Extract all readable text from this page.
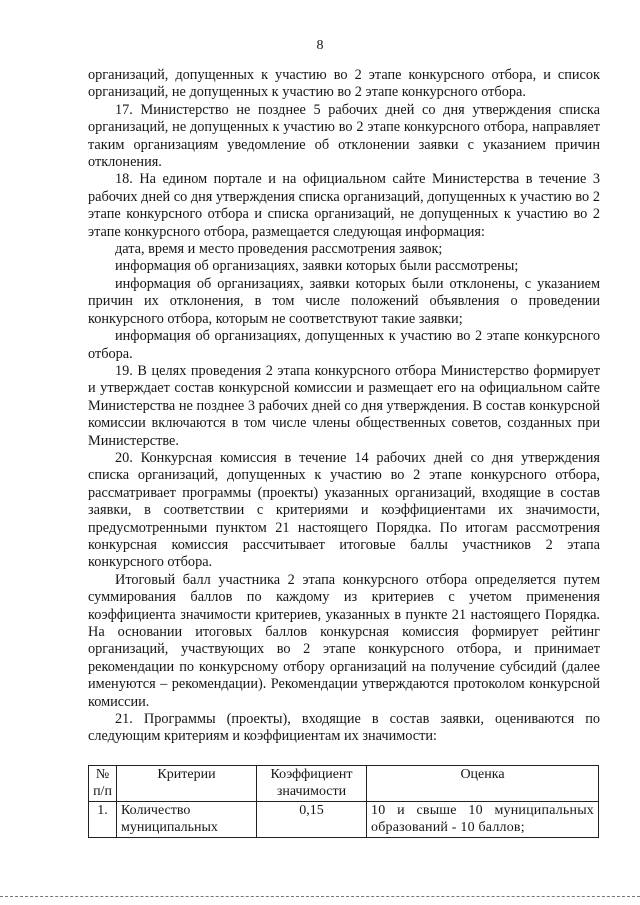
8

организаций, допущенных к участию во 2 этапе конкурсного отбора, и список организаций, не допущенных к участию во 2 этапе конкурсного отбора.

17. Министерство не позднее 5 рабочих дней со дня утверждения списка организаций, не допущенных к участию во 2 этапе конкурсного отбора, направляет таким организациям уведомление об отклонении заявки с указанием причин отклонения.

18. На едином портале и на официальном сайте Министерства в течение 3 рабочих дней со дня утверждения списка организаций, допущенных к участию во 2 этапе конкурсного отбора и списка организаций, не допущенных к участию во 2 этапе конкурсного отбора, размещается следующая информация:

дата, время и место проведения рассмотрения заявок;

информация об организациях, заявки которых были рассмотрены;

информация об организациях, заявки которых были отклонены, с указанием причин их отклонения, в том числе положений объявления о проведении конкурсного отбора, которым не соответствуют такие заявки;

информация об организациях, допущенных к участию во 2 этапе конкурсного отбора.

19. В целях проведения 2 этапа конкурсного отбора Министерство формирует и утверждает состав конкурсной комиссии и размещает его на официальном сайте Министерства не позднее 3 рабочих дней со дня утверждения. В состав конкурсной комиссии включаются в том числе члены общественных советов, созданных при Министерстве.

20. Конкурсная комиссия в течение 14 рабочих дней со дня утверждения списка организаций, допущенных к участию во 2 этапе конкурсного отбора, рассматривает программы (проекты) указанных организаций, входящие в состав заявки, в соответствии с критериями и коэффициентами их значимости, предусмотренными пунктом 21 настоящего Порядка. По итогам рассмотрения конкурсная комиссия рассчитывает итоговые баллы участников 2 этапа конкурсного отбора.

Итоговый балл участника 2 этапа конкурсного отбора определяется путем суммирования баллов по каждому из критериев с учетом применения коэффициента значимости критериев, указанных в пункте 21 настоящего Порядка. На основании итоговых баллов конкурсная комиссия формирует рейтинг организаций, участвующих во 2 этапе конкурсного отбора, и принимает рекомендации по конкурсному отбору организаций на получение субсидий (далее именуются – рекомендации). Рекомендации утверждаются протоколом конкурсной комиссии.

21. Программы (проекты), входящие в состав заявки, оцениваются по следующим критериям и коэффициентам их значимости:

№ п/п	Критерии	Коэффициент значимости	Оценка
1.	Количество муниципальных	0,15	10 и свыше 10 муниципальных образований - 10 баллов;
